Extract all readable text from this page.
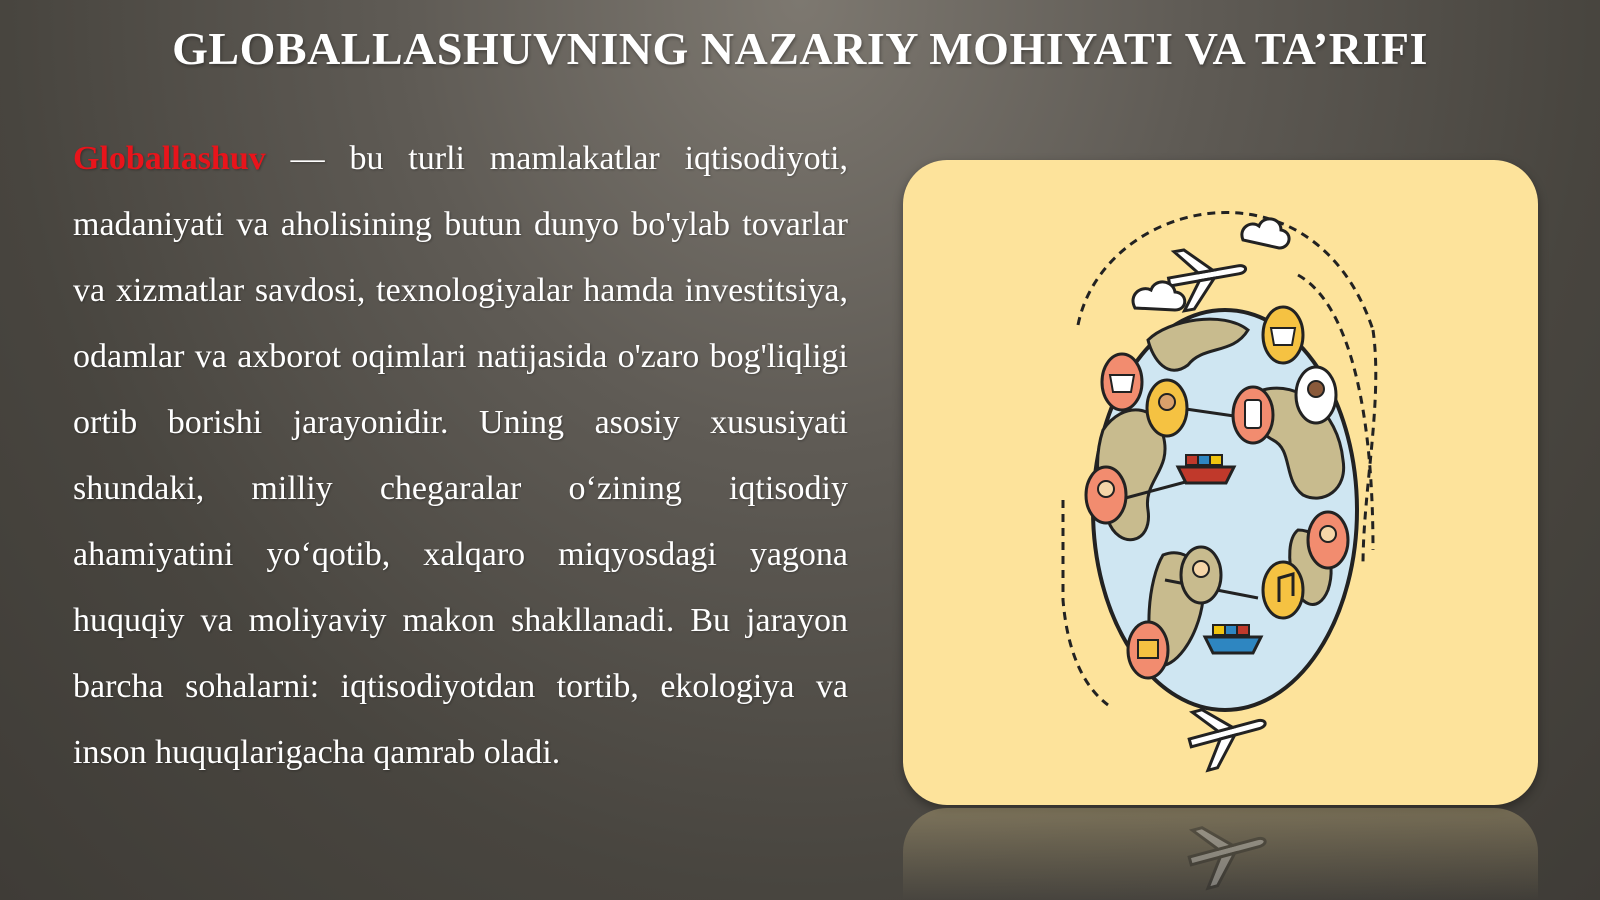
GLOBALLASHUVNING NAZARIY MOHIYATI VA TA’RIFI
Globallashuv — bu turli mamlakatlar iqtisodiyoti, madaniyati va aholisining butun dunyo bo'ylab tovarlar va xizmatlar savdosi, texnologiyalar hamda investitsiya, odamlar va axborot oqimlari natijasida o'zaro bog'liqligi ortib borishi jarayonidir. Uning asosiy xususiyati shundaki, milliy chegaralar o‘zining iqtisodiy ahamiyatini yo‘qotib, xalqaro miqyosdagi yagona huquqiy va moliyaviy makon shakllanadi. Bu jarayon barcha sohalarni: iqtisodiyotdan tortib, ekologiya va inson huquqlarigacha qamrab oladi.
